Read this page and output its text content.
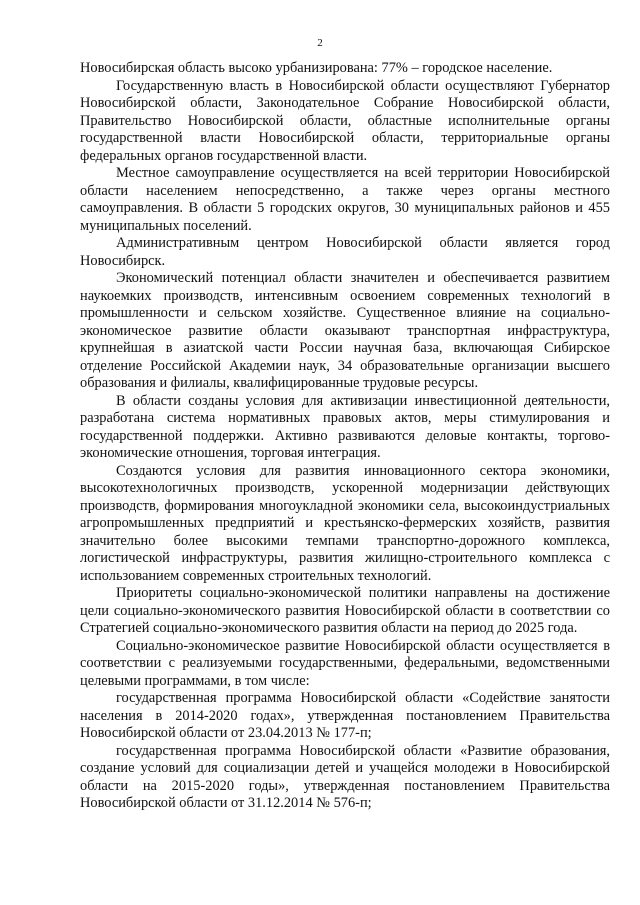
2

Новосибирская область высоко урбанизирована: 77% – городское население.

Государственную власть в Новосибирской области осуществляют Губернатор Новосибирской области, Законодательное Собрание Новосибирской области, Правительство Новосибирской области, областные исполнительные органы государственной власти Новосибирской области, территориальные органы федеральных органов государственной власти.

Местное самоуправление осуществляется на всей территории Новосибирской области населением непосредственно, а также через органы местного самоуправления. В области 5 городских округов, 30 муниципальных районов и 455 муниципальных поселений.

Административным центром Новосибирской области является город Новосибирск.

Экономический потенциал области значителен и обеспечивается развитием наукоемких производств, интенсивным освоением современных технологий в промышленности и сельском хозяйстве. Существенное влияние на социально-экономическое развитие области оказывают транспортная инфраструктура, крупнейшая в азиатской части России научная база, включающая Сибирское отделение Российской Академии наук, 34 образовательные организации высшего образования и филиалы, квалифицированные трудовые ресурсы.

В области созданы условия для активизации инвестиционной деятельности, разработана система нормативных правовых актов, меры стимулирования и государственной поддержки. Активно развиваются деловые контакты, торгово-экономические отношения, торговая интеграция.

Создаются условия для развития инновационного сектора экономики, высокотехнологичных производств, ускоренной модернизации действующих производств, формирования многоукладной экономики села, высокоиндустриальных агропромышленных предприятий и крестьянско-фермерских хозяйств, развития значительно более высокими темпами транспортно-дорожного комплекса, логистической инфраструктуры, развития жилищно-строительного комплекса с использованием современных строительных технологий.

Приоритеты социально-экономической политики направлены на достижение цели социально-экономического развития Новосибирской области в соответствии со Стратегией социально-экономического развития области на период до 2025 года.

Социально-экономическое развитие Новосибирской области осуществляется в соответствии с реализуемыми государственными, федеральными, ведомственными целевыми программами, в том числе:

государственная программа Новосибирской области «Содействие занятости населения в 2014-2020 годах», утвержденная постановлением Правительства Новосибирской области от 23.04.2013 № 177-п;

государственная программа Новосибирской области «Развитие образования, создание условий для социализации детей и учащейся молодежи в Новосибирской области на 2015-2020 годы», утвержденная постановлением Правительства Новосибирской области от 31.12.2014 № 576-п;
